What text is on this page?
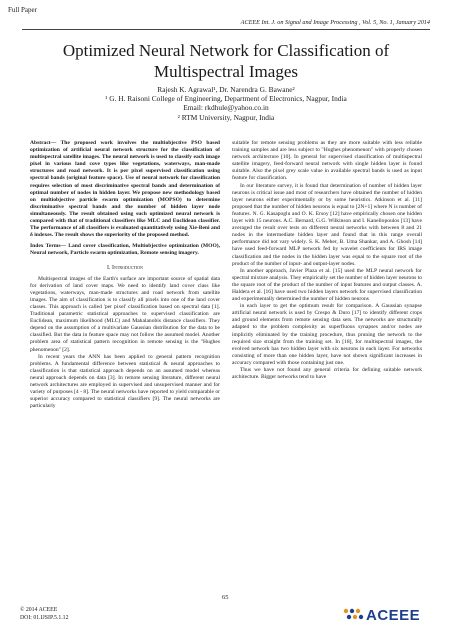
Full Paper
ACEEE Int. J. on Signal and Image Processing , Vol. 5, No. 1, January 2014
Optimized Neural Network for Classification of
Multispectral Images
Rajesh K. Agrawal¹, Dr. Narendra G. Bawane²
¹ G. H. Raisoni College of Engineering, Department of Electronics, Nagpur, India
Email: rkdhule@yahoo.co.in
² RTM University, Nagpur, India

Abstract— The proposed work involves the multiobjective PSO based optimization of artificial neural network structure for the classification of multispectral satellite images. The neural network is used to classify each image pixel in various land cove types like vegetations, waterways, man-made structures and road network. It is per pixel supervised classification using spectral bands (original feature space). Use of neural network for classification requires selection of most discriminative spectral bands and determination of optimal number of nodes in hidden layer. We propose new methodology based on multiobjective particle swarm optimization (MOPSO) to determine discriminative spectral bands and the number of hidden layer node simultaneously. The result obtained using such optimized neural network is compared with that of traditional classifiers like MLC and Euclidean classifier. The performance of all classifiers is evaluated quantitatively using Xie-Beni and δ indexes. The result shows the superiority of the proposed method.

Index Terms— Land cover classification, Multiobjective optimization (MOO), Neural network, Particle swarm optimization, Remote sensing imagery.

I. Introduction

Multispectral images of the Earth's surface are important source of spatial data for derivation of land cover maps. We need to identify land cover class like vegetations, waterways, man-made structures and road network from satellite images. The aim of classification is to classify all pixels into one of the land cover classes. This approach is called 'per pixel' classification based on spectral data [1]. Traditional parametric statistical approaches to supervised classification are Euclidean, maximum likelihood (MLC) and Mahalanobis distance classifiers. They depend on the assumption of a multivariate Gaussian distribution for the data to be classified. But the data in feature space may not follow the assumed model. Another problem area of statistical pattern recognition in remote sensing is the "Hughes phenomenon" [2].

In recent years the ANN has been applied to general pattern recognition problems. A fundamental difference between statistical & neural approaches to classification is that statistical approach depends on an assumed model whereas neural approach depends on data [3]. In remote sensing literature, different neural network architectures are employed in supervised and unsupervised manner and for variety of purposes [4 - 8]. The neural networks have reported to yield comparable or superior accuracy compared to statistical classifiers [9]. The neural networks are particularly

suitable for remote sensing problems as they are more suitable with less reliable training samples and are less subject to "Hughes phenomenon" with properly chosen network architecture [10]. In general for supervised classification of multispectral satellite imagery, feed-forward neural network with single hidden layer is found suitable. Also the pixel grey scale value in available spectral bands is used as input feature for classification.

In our literature survey, it is found that determination of number of hidden layer neurons is critical issue and most of researchers have obtained the number of hidden layer neurons either experimentally or by some heuristics. Atkinson et al. [11] proposed that the number of hidden neurons is equal to [2N+1] where N is number of features. N. G. Kasapoglu and O. K. Ersoy [12] have empirically chosen one hidden layer with 15 neurons. A.C. Bernard, G.G. Wilkinson and I. Kanellopoulos [13] have averaged the result over tests on different neural networks with between 8 and 21 nodes in the intermediate hidden layer and found that in this range overall performance did not vary widely. S. K. Meher, B. Uma Shankar, and A. Ghosh [14] have used feed-forward MLP network fed by wavelet coefficients for IRS image classification and the nodes in the hidden layer was equal to the square root of the product of the number of input- and output-layer nodes.

In another approach, Javier Plaza et al. [15] used the MLP neural network for spectral mixture analysis. They empirically set the number of hidden layer neurons to the square root of the product of the number of input features and output classes. A. Haldera et al. [16] have used two hidden layers network for supervised classification and experimentally determined the number of hidden neurons

in each layer to get the optimum result for comparison. A Gaussian synapse artificial neural network is used by Crespo & Duro [17] to identify different crops and ground elements from remote sensing data sets. The networks are structurally adapted to the problem complexity as superfluous synapses and/or nodes are implicitly eliminated by the training procedure, thus pruning the network to the required size straight from the training set. In [18], for multispectral images, the evolved network has two hidden layer with six neurons in each layer. For networks consisting of more than one hidden layer, have not shown significant increases in accuracy compared with those containing just one.

Thus we have not found any general criteria for defining suitable network architecture. Bigger networks tend to have

65
© 2014 ACEEE
DOI: 01.IJSIP.5.1.12	ACEEE
